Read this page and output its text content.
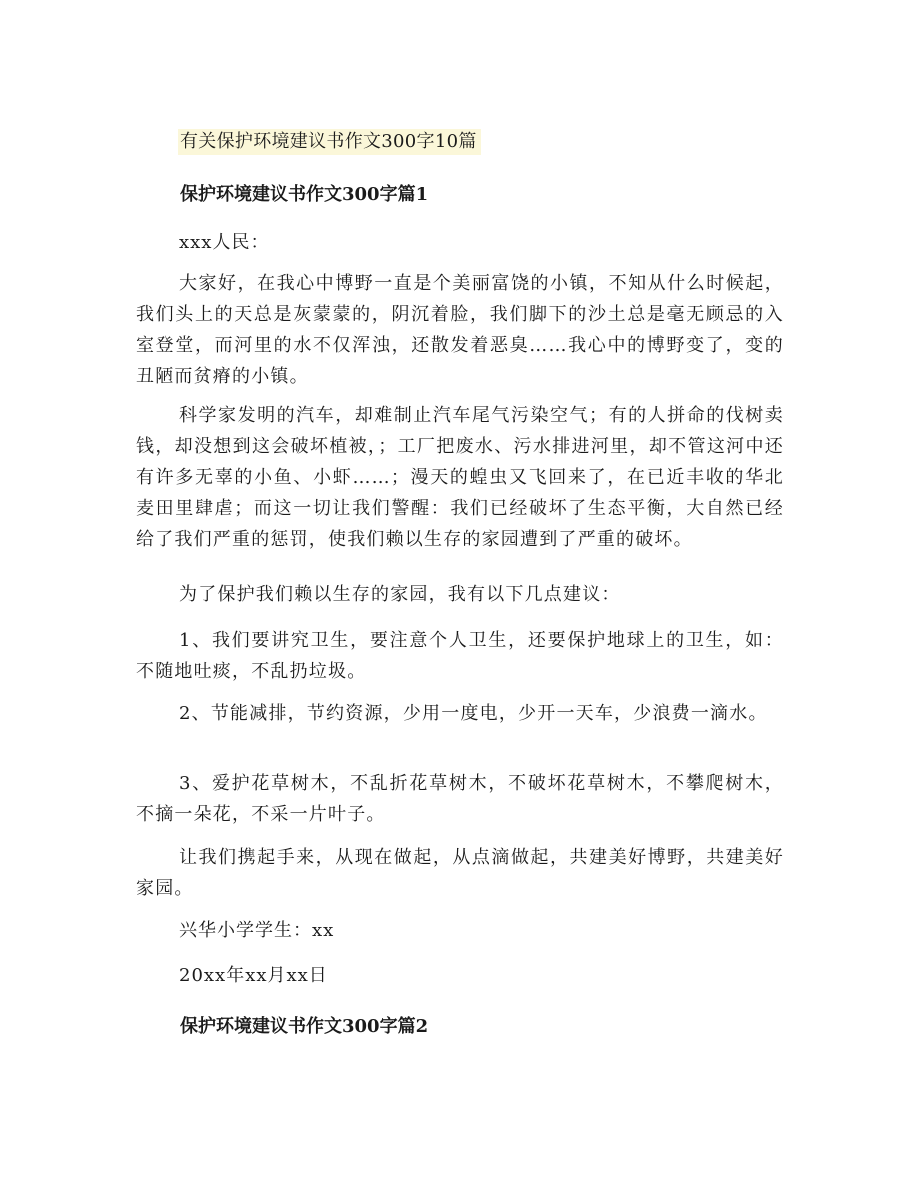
有关保护环境建议书作文300字10篇
保护环境建议书作文300字篇1
xxx人民：

大家好，在我心中博野一直是个美丽富饶的小镇，不知从什么时候起，我们头上的天总是灰蒙蒙的，阴沉着脸，我们脚下的沙土总是毫无顾忌的入室登堂，而河里的水不仅浑浊，还散发着恶臭……我心中的博野变了，变的丑陋而贫瘠的小镇。

科学家发明的汽车，却难制止汽车尾气污染空气；有的人拼命的伐树卖钱，却没想到这会破坏植被，；工厂把废水、污水排进河里，却不管这河中还有许多无辜的小鱼、小虾……；漫天的蝗虫又飞回来了，在已近丰收的华北麦田里肆虐；而这一切让我们警醒：我们已经破坏了生态平衡，大自然已经给了我们严重的惩罚，使我们赖以生存的家园遭到了严重的破坏。

为了保护我们赖以生存的家园，我有以下几点建议：

1、我们要讲究卫生，要注意个人卫生，还要保护地球上的卫生，如：不随地吐痰，不乱扔垃圾。

2、节能减排，节约资源，少用一度电，少开一天车，少浪费一滴水。

3、爱护花草树木，不乱折花草树木，不破坏花草树木，不攀爬树木，不摘一朵花，不采一片叶子。

让我们携起手来，从现在做起，从点滴做起，共建美好博野，共建美好家园。

兴华小学学生：xx
20xx年xx月xx日
保护环境建议书作文300字篇2
